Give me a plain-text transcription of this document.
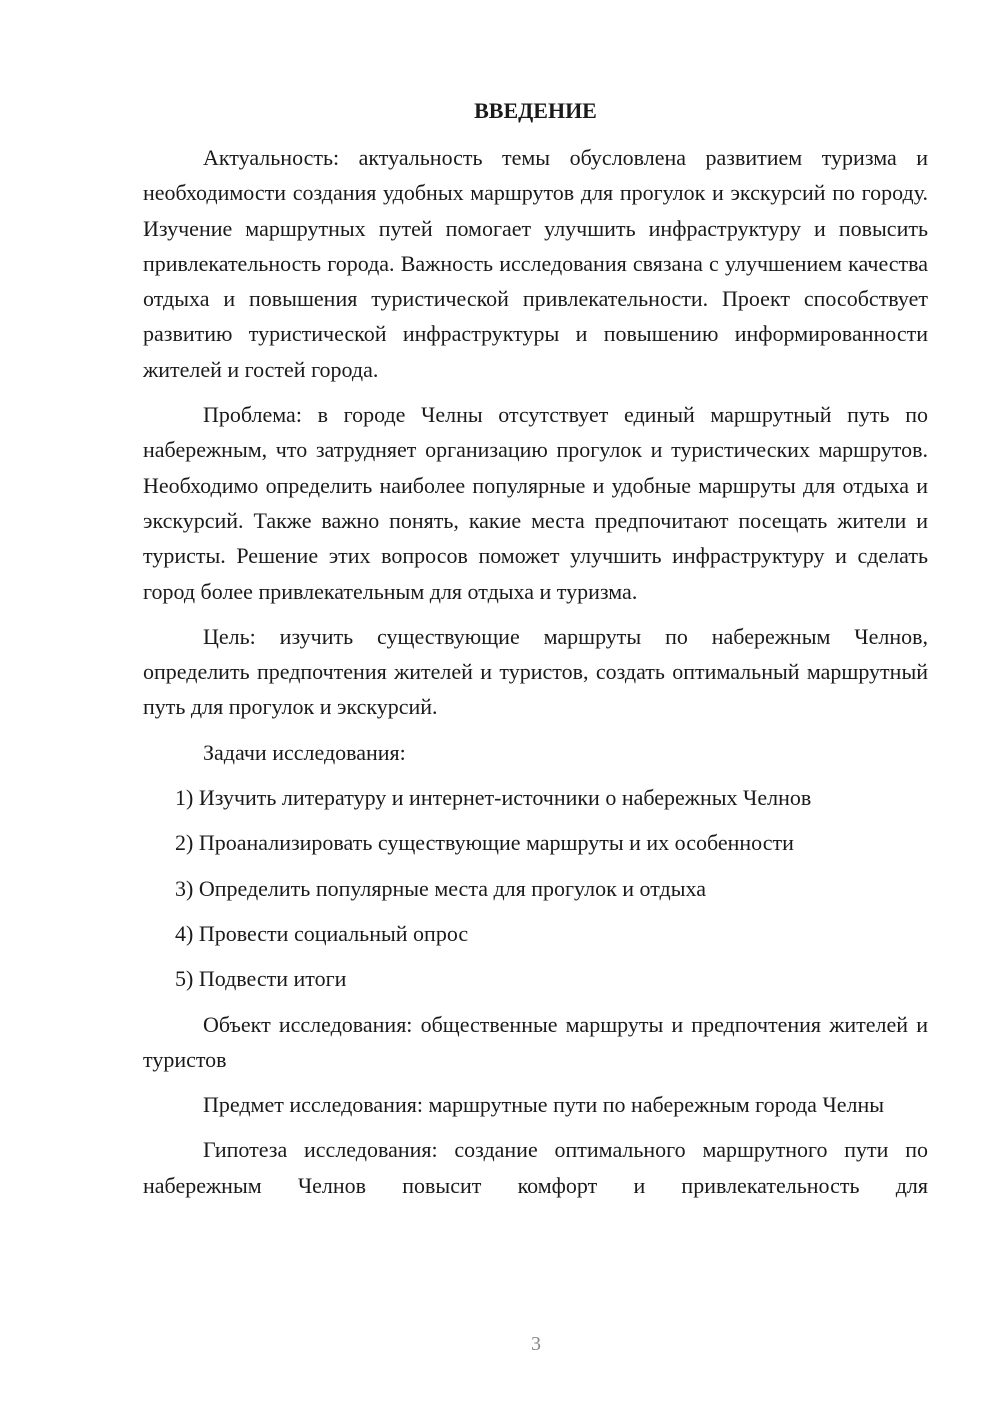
ВВЕДЕНИЕ

Актуальность: актуальность темы обусловлена развитием туризма и необходимости создания удобных маршрутов для прогулок и экскурсий по городу. Изучение маршрутных путей помогает улучшить инфраструктуру и повысить привлекательность города. Важность исследования связана с улучшением качества отдыха и повышения туристической привлекательности. Проект способствует развитию туристической инфраструктуры и повышению информированности жителей и гостей города.

Проблема: в городе Челны отсутствует единый маршрутный путь по набережным, что затрудняет организацию прогулок и туристических маршрутов. Необходимо определить наиболее популярные и удобные маршруты для отдыха и экскурсий. Также важно понять, какие места предпочитают посещать жители и туристы. Решение этих вопросов поможет улучшить инфраструктуру и сделать город более привлекательным для отдыха и туризма.

Цель: изучить существующие маршруты по набережным Челнов, определить предпочтения жителей и туристов, создать оптимальный маршрутный путь для прогулок и экскурсий.

Задачи исследования:

1) Изучить литературу и интернет-источники о набережных Челнов
2) Проанализировать существующие маршруты и их особенности
3) Определить популярные места для прогулок и отдыха
4) Провести социальный опрос
5) Подвести итоги

Объект исследования: общественные маршруты и предпочтения жителей и туристов

Предмет исследования: маршрутные пути по набережным города Челны

Гипотеза исследования: создание оптимального маршрутного пути по набережным Челнов повысит комфорт и привлекательность для

3
